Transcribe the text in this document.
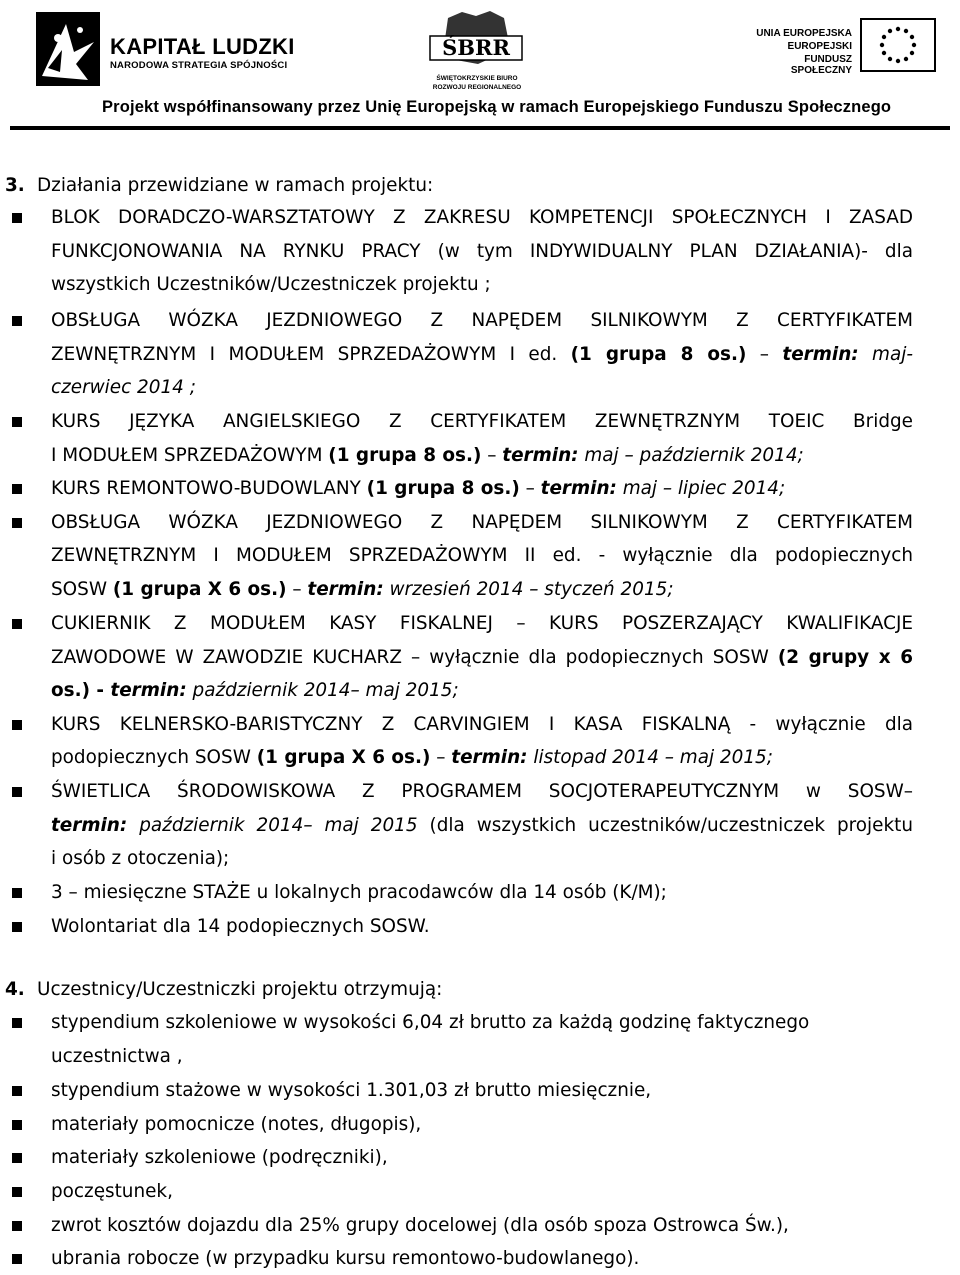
KAPITAŁ LUDZKI
NARODOWA STRATEGIA SPÓJNOŚCI
ŚBRR
ŚWIĘTOKRZYSKIE BIURO
ROZWOJU REGIONALNEGO
UNIA EUROPEJSKA
EUROPEJSKI
FUNDUSZ SPOŁECZNY
Projekt współfinansowany przez Unię Europejską w ramach Europejskiego Funduszu Społecznego
3. Działania przewidziane w ramach projektu:
BLOK DORADCZO-WARSZTATOWY Z ZAKRESU KOMPETENCJI SPOŁECZNYCH I ZASAD
FUNKCJONOWANIA NA RYNKU PRACY (w tym INDYWIDUALNY PLAN DZIAŁANIA)- dla
wszystkich Uczestników/Uczestniczek projektu ;
OBSŁUGA WÓZKA JEZDNIOWEGO Z NAPĘDEM SILNIKOWYM Z CERTYFIKATEM
ZEWNĘTRZNYM I MODUŁEM SPRZEDAŻOWYM I ed. (1 grupa 8 os.) – termin: maj-
czerwiec 2014 ;
KURS JĘZYKA ANGIELSKIEGO Z CERTYFIKATEM ZEWNĘTRZNYM TOEIC Bridge
I MODUŁEM SPRZEDAŻOWYM (1 grupa 8 os.) – termin: maj – październik 2014;
KURS REMONTOWO-BUDOWLANY (1 grupa 8 os.) – termin: maj – lipiec 2014;
OBSŁUGA WÓZKA JEZDNIOWEGO Z NAPĘDEM SILNIKOWYM Z CERTYFIKATEM
ZEWNĘTRZNYM I MODUŁEM SPRZEDAŻOWYM II ed. - wyłącznie dla podopiecznych
SOSW (1 grupa X 6 os.) – termin: wrzesień 2014 – styczeń 2015;
CUKIERNIK Z MODUŁEM KASY FISKALNEJ – KURS POSZERZAJĄCY KWALIFIKACJE
ZAWODOWE W ZAWODZIE KUCHARZ – wyłącznie dla podopiecznych SOSW (2 grupy x 6
os.) - termin: październik 2014– maj 2015;
KURS KELNERSKO-BARISTYCZNY Z CARVINGIEM I KASA FISKALNĄ - wyłącznie dla
podopiecznych SOSW (1 grupa X 6 os.) – termin: listopad 2014 – maj 2015;
ŚWIETLICA ŚRODOWISKOWA Z PROGRAMEM SOCJOTERAPEUTYCZNYM w SOSW–
termin: październik 2014– maj 2015 (dla wszystkich uczestników/uczestniczek projektu
i osób z otoczenia);
3 – miesięczne STAŻE u lokalnych pracodawców dla 14 osób (K/M);
Wolontariat dla 14 podopiecznych SOSW.
4. Uczestnicy/Uczestniczki projektu otrzymują:
stypendium szkoleniowe w wysokości 6,04 zł brutto za każdą godzinę faktycznego
uczestnictwa ,
stypendium stażowe w wysokości 1.301,03 zł brutto miesięcznie,
materiały pomocnicze (notes, długopis),
materiały szkoleniowe (podręczniki),
poczęstunek,
zwrot kosztów dojazdu dla 25% grupy docelowej (dla osób spoza Ostrowca Św.),
ubrania robocze (w przypadku kursu remontowo-budowlanego).
